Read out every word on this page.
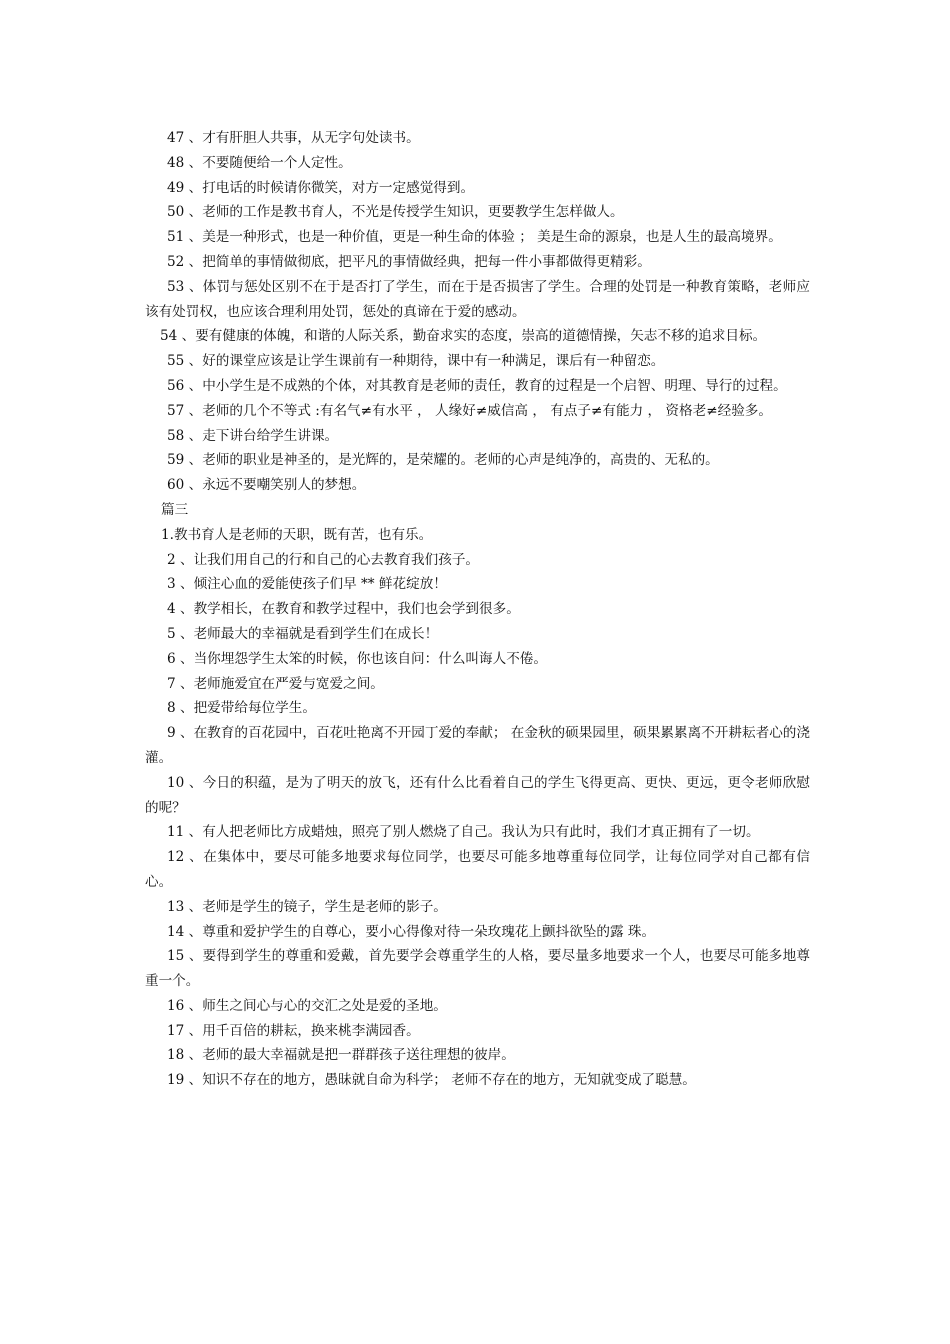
47 、才有肝胆人共事，从无字句处读书。

48 、不要随便给一个人定性。

49 、打电话的时候请你微笑，对方一定感觉得到。

50 、老师的工作是教书育人，不光是传授学生知识，更要教学生怎样做人。

51 、美是一种形式，也是一种价值，更是一种生命的体验 ； 美是生命的源泉，也是人生的最高境界。

52 、把简单的事情做彻底，把平凡的事情做经典，把每一件小事都做得更精彩。

53 、体罚与惩处区别不在于是否打了学生，而在于是否损害了学生。合理的处罚是一种教育策略，老师应该有处罚权，也应该合理利用处罚，惩处的真谛在于爱的感动。

54 、要有健康的体魄，和谐的人际关系，勤奋求实的态度，崇高的道德情操，矢志不移的追求目标。

55 、好的课堂应该是让学生课前有一种期待，课中有一种满足，课后有一种留恋。

56 、中小学生是不成熟的个体，对其教育是老师的责任，教育的过程是一个启智、明理、导行的过程。

57 、老师的几个不等式 :有名气≠有水平 ， 人缘好≠威信高 ， 有点子≠有能力 ， 资格老≠经验多。

58 、走下讲台给学生讲课。

59 、老师的职业是神圣的，是光辉的，是荣耀的。老师的心声是纯净的，高贵的、无私的。

60 、永远不要嘲笑别人的梦想。

篇三

1.教书育人是老师的天职，既有苦，也有乐。

2 、让我们用自己的行和自己的心去教育我们孩子。

3 、倾注心血的爱能使孩子们早 ** 鲜花绽放！

4 、教学相长，在教育和教学过程中，我们也会学到很多。

5 、老师最大的幸福就是看到学生们在成长！

6 、当你埋怨学生太笨的时候，你也该自问：什么叫诲人不倦。

7 、老师施爱宜在严爱与宽爱之间。

8 、把爱带给每位学生。

9 、在教育的百花园中，百花吐艳离不开园丁爱的奉献； 在金秋的硕果园里，硕果累累离不开耕耘者心的浇灌。

10 、今日的积蕴，是为了明天的放飞，还有什么比看着自己的学生飞得更高、更快、更远，更令老师欣慰的呢？

11 、有人把老师比方成蜡烛，照亮了别人燃烧了自己。我认为只有此时，我们才真正拥有了一切。

12 、在集体中，要尽可能多地要求每位同学，也要尽可能多地尊重每位同学，让每位同学对自己都有信心。

13 、老师是学生的镜子，学生是老师的影子。

14 、尊重和爱护学生的自尊心，要小心得像对待一朵玫瑰花上颤抖欲坠的露 珠。

15 、要得到学生的尊重和爱戴，首先要学会尊重学生的人格，要尽量多地要求一个人，也要尽可能多地尊重一个。

16 、师生之间心与心的交汇之处是爱的圣地。

17 、用千百倍的耕耘，换来桃李满园香。

18 、老师的最大幸福就是把一群群孩子送往理想的彼岸。

19 、知识不存在的地方，愚昧就自命为科学； 老师不存在的地方，无知就变成了聪慧。
